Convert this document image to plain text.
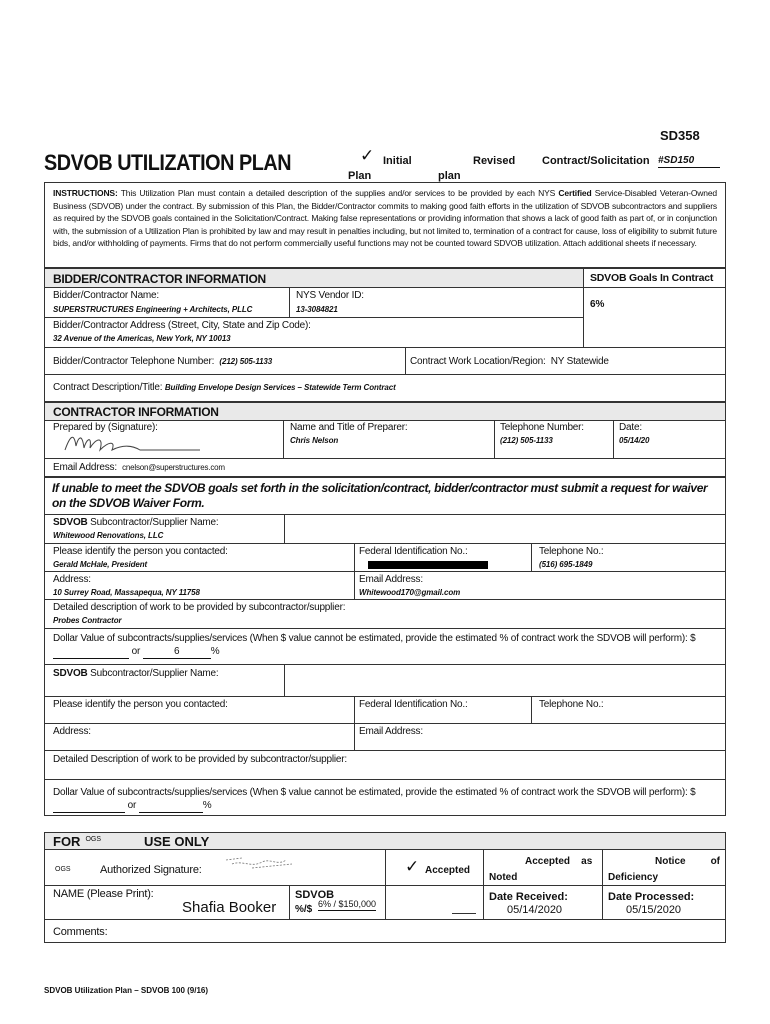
SD358
SDVOB UTILIZATION PLAN	✓ Initial
Plan
Revised
plan
Contract/Solicitation #SD150
INSTRUCTIONS: This Utilization Plan must contain a detailed description of the supplies and/or services to be provided by each NYS Certified Service-Disabled Veteran-Owned Business (SDVOB) under the contract. By submission of this Plan, the Bidder/Contractor commits to making good faith efforts in the utilization of SDVOB subcontractors and suppliers as required by the SDVOB goals contained in the Solicitation/Contract. Making false representations or providing information that shows a lack of good faith as part of, or in conjunction with, the submission of a Utilization Plan is prohibited by law and may result in penalties including, but not limited to, termination of a contract for cause, loss of eligibility to submit future bids, and/or withholding of payments. Firms that do not perform commercially useful functions may not be counted toward SDVOB utilization. Attach additional sheets if necessary.
BIDDER/CONTRACTOR INFORMATION	SDVOB Goals In Contract
6%
Bidder/Contractor Name:
SUPERSTRUCTURES Engineering + Architects, PLLC
NYS Vendor ID:
13-3084821
Bidder/Contractor Address (Street, City, State and Zip Code):
32 Avenue of the Americas, New York, NY 10013
Bidder/Contractor Telephone Number: (212) 505-1133	Contract Work Location/Region: NY Statewide
Contract Description/Title: Building Envelope Design Services – Statewide Term Contract
CONTRACTOR INFORMATION
Prepared by (Signature):	Name and Title of Preparer:
Chris Nelson
Telephone Number:
(212) 505-1133
Date:
05/14/20
Email Address: cnelson@superstructures.com
If unable to meet the SDVOB goals set forth in the solicitation/contract, bidder/contractor must submit a request for waiver on the SDVOB Waiver Form.
SDVOB Subcontractor/Supplier Name:
Whitewood Renovations, LLC
Please identify the person you contacted:
Gerald McHale, President
Federal Identification No.:	Telephone No.:
(516) 695-1849
Address:
10 Surrey Road, Massapequa, NY 11758
Email Address:
Whitewood170@gmail.com
Detailed description of work to be provided by subcontractor/supplier:
Probes Contractor
Dollar Value of subcontracts/supplies/services (When $ value cannot be estimated, provide the estimated % of contract work the SDVOB will perform): $  or	6	%
SDVOB Subcontractor/Supplier Name:
Please identify the person you contacted:	Federal Identification No.:	Telephone No.:
Address:	Email Address:
Detailed Description of work to be provided by subcontractor/supplier:
Dollar Value of subcontracts/supplies/services (When $ value cannot be estimated, provide the estimated % of contract work the SDVOB will perform): $  or	%
FOR $^{OGS}$	USE ONLY
OGS	Authorized Signature:	✓ Accepted
Accepted    as
Noted
Notice         of
Deficiency
NAME (Please Print):
Shafia Booker
SDVOB
%/$ 6% / $150,000
Date Received:
05/14/2020
Date Processed:
05/15/2020
Comments:
SDVOB Utilization Plan – SDVOB 100 (9/16)
